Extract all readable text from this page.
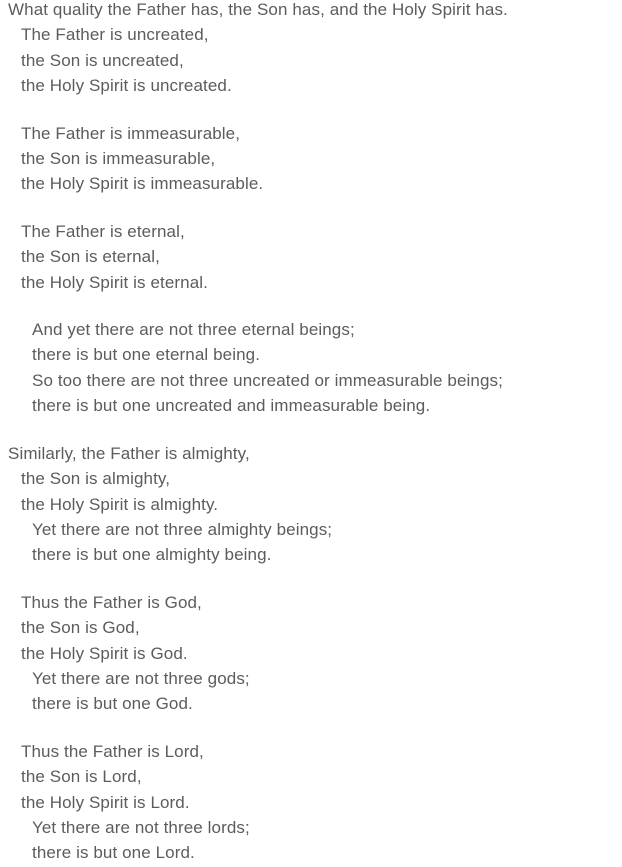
What quality the Father has, the Son has, and the Holy Spirit has.

The Father is uncreated,

the Son is uncreated,

the Holy Spirit is uncreated.

The Father is immeasurable,

the Son is immeasurable,

the Holy Spirit is immeasurable.

The Father is eternal,

the Son is eternal,

the Holy Spirit is eternal.

And yet there are not three eternal beings;

there is but one eternal being.

So too there are not three uncreated or immeasurable beings;

there is but one uncreated and immeasurable being.

Similarly, the Father is almighty,

the Son is almighty,

the Holy Spirit is almighty.

Yet there are not three almighty beings;

there is but one almighty being.

Thus the Father is God,

the Son is God,

the Holy Spirit is God.

Yet there are not three gods;

there is but one God.

Thus the Father is Lord,

the Son is Lord,

the Holy Spirit is Lord.

Yet there are not three lords;

there is but one Lord.
